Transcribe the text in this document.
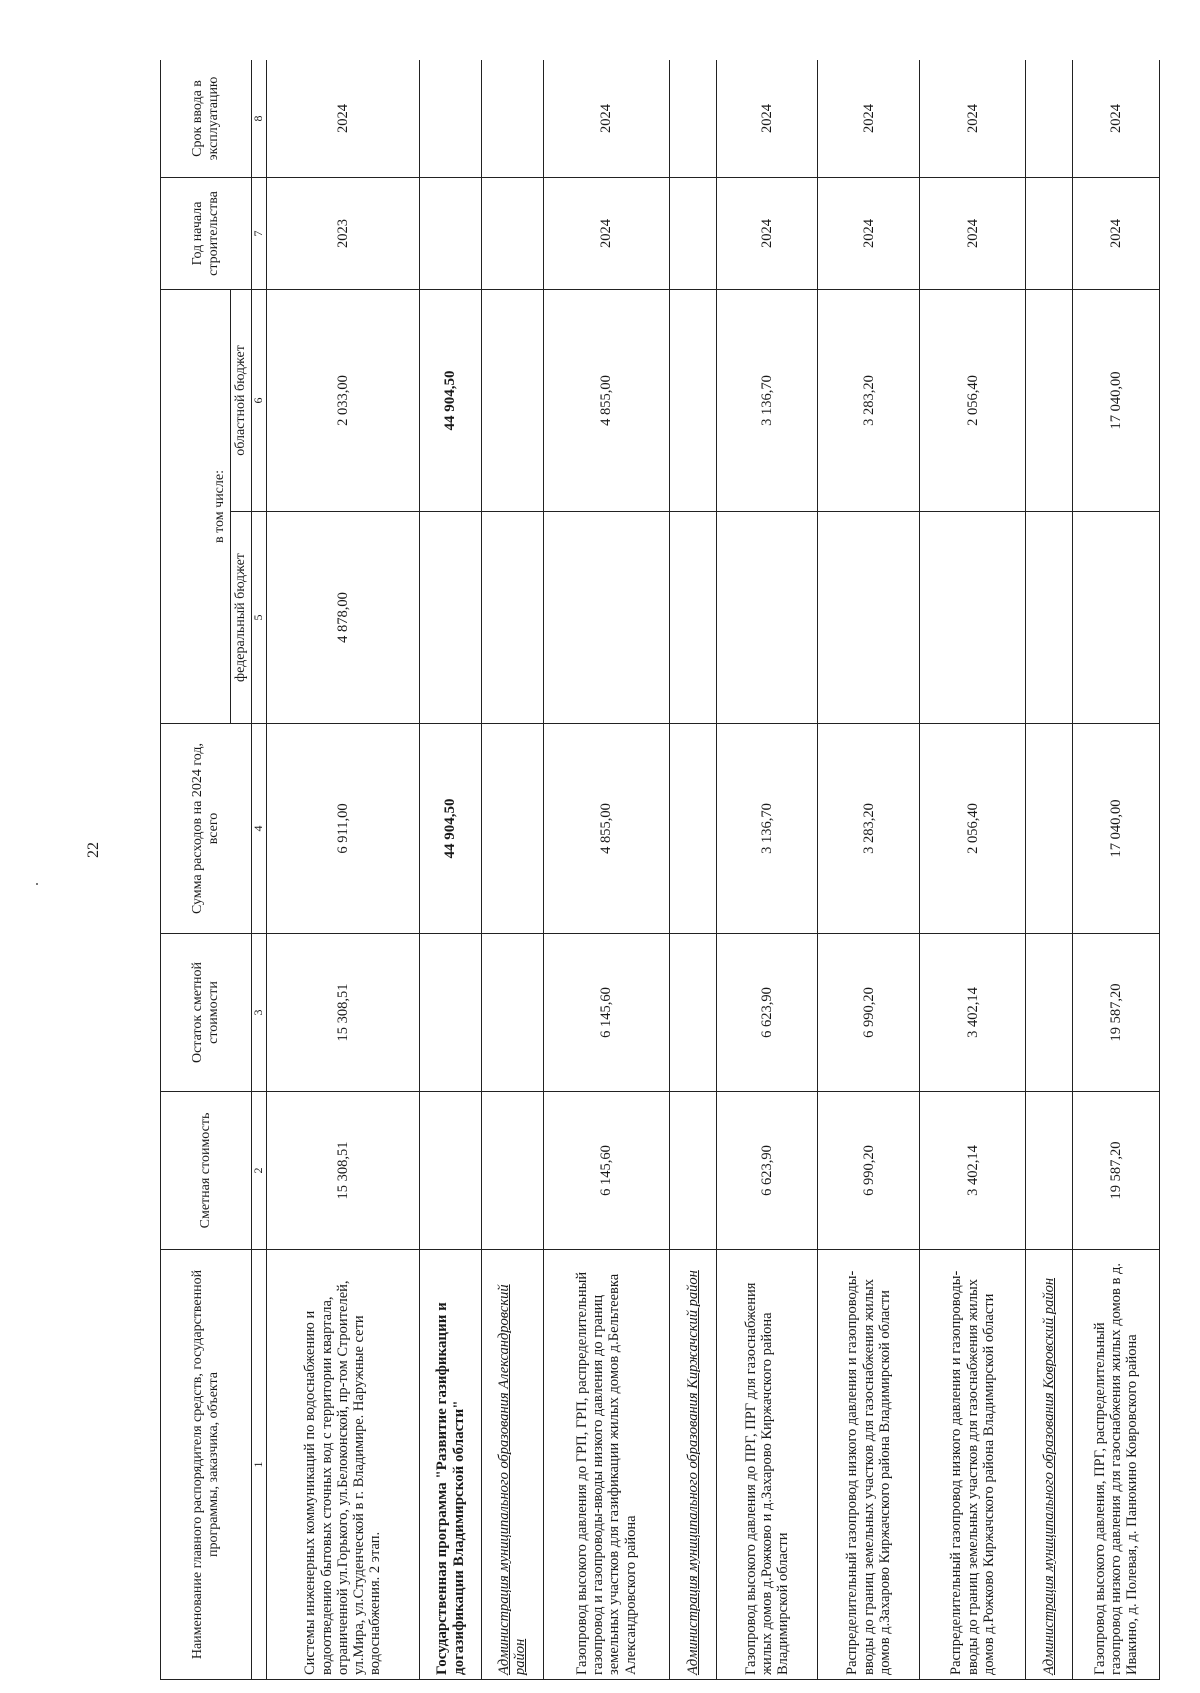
22
Наименование главного распорядителя средств, государственной программы, заказчика, объекта	Сметная стоимость	Остаток сметной стоимости	Сумма расходов на 2024 год, всего	в том числе:		Год начала строительства	Срок ввода в эксплуатацию
				федеральный бюджет	областной бюджет		
1	2	3	4	5	6	7	8
Системы инженерных коммуникаций по водоснабжению и водоотведению бытовых сточных вод с территории квартала, ограниченной ул.Горького, ул.Белоконской, пр-том Строителей, ул.Мира, ул.Студенческой в г. Владимире. Наружные сети водоснабжения. 2 этап.	15 308,51	15 308,51	6 911,00	4 878,00	2 033,00	2023	2024
Государственная программа "Развитие газификации и догазификации Владимирской области"			44 904,50		44 904,50		
Администрация муниципального образования Александровский район							
Газопровод высокого давления до ГРП, ГРП, распределительный газопровод и газопроводы-вводы низкого давления до границ земельных участков для газификации жилых домов д.Бельтеевка Александровского района	6 145,60	6 145,60	4 855,00		4 855,00	2024	2024
Администрация муниципального образования Киржачский район							
Газопровод высокого давления до ПРГ, ПРГ для газоснабжения жилых домов д.Рожково и д.Захарово Киржачского района Владимирской области	6 623,90	6 623,90	3 136,70		3 136,70	2024	2024
Распределительный газопровод низкого давления и газопроводы-вводы до границ земельных участков для газоснабжения жилых домов д.Захарово Киржачского района Владимирской области	6 990,20	6 990,20	3 283,20		3 283,20	2024	2024
Распределительный газопровод низкого давления и газопроводы-вводы до границ земельных участков для газоснабжения жилых домов д.Рожково Киржачского района Владимирской области	3 402,14	3 402,14	2 056,40		2 056,40	2024	2024
Администрация муниципального образования Ковровский район							
Газопровод высокого давления, ПРГ, распределительный газопровод низкого давления для газоснабжения жилых домов в д. Ивакино, д. Полевая, д. Панюкино Ковровского района	19 587,20	19 587,20	17 040,00		17 040,00	2024	2024
